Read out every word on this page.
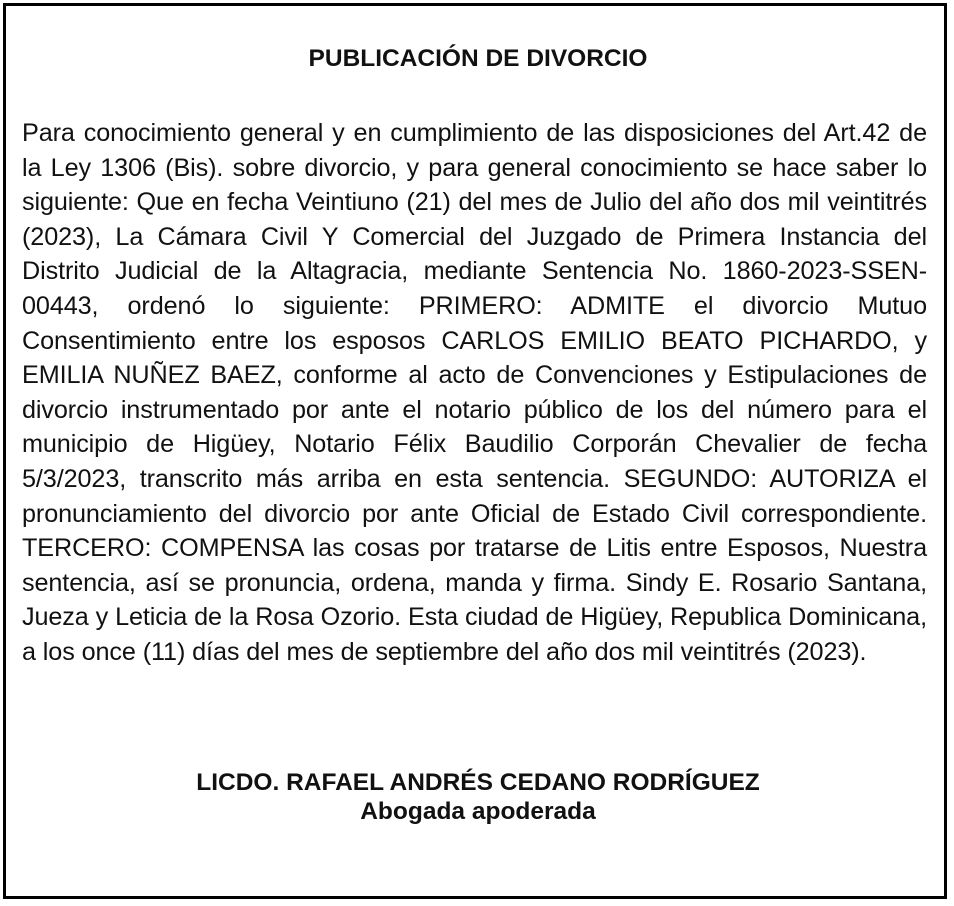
PUBLICACIÓN DE DIVORCIO

Para conocimiento general y en cumplimiento de las disposiciones del Art.42 de la Ley 1306 (Bis). sobre divorcio, y para general conocimiento se hace saber lo siguiente: Que en fecha Veintiuno (21) del mes de Julio del año dos mil veintitrés (2023), La Cámara Civil Y Comercial del Juzgado de Primera Instancia del Distrito Judicial de la Altagracia, mediante Sentencia No. 1860-2023-SSEN-00443, ordenó lo siguiente: PRIMERO: ADMITE el divorcio Mutuo Consentimiento entre los esposos CARLOS EMILIO BEATO PICHARDO, y EMILIA NUÑEZ BAEZ, conforme al acto de Convenciones y Estipulaciones de divorcio instrumentado por ante el notario público de los del número para el municipio de Higüey, Notario Félix Baudilio Corporán Chevalier de fecha 5/3/2023, transcrito más arriba en esta sentencia. SEGUNDO: AUTORIZA el pronunciamiento del divorcio por ante Oficial de Estado Civil correspondiente. TERCERO: COMPENSA las cosas por tratarse de Litis entre Esposos, Nuestra sentencia, así se pronuncia, ordena, manda y firma. Sindy E. Rosario Santana, Jueza y Leticia de la Rosa Ozorio. Esta ciudad de Higüey, Republica Dominicana, a los once (11) días del mes de septiembre del año dos mil veintitrés (2023).

LICDO. RAFAEL ANDRÉS CEDANO RODRÍGUEZ
Abogada apoderada
